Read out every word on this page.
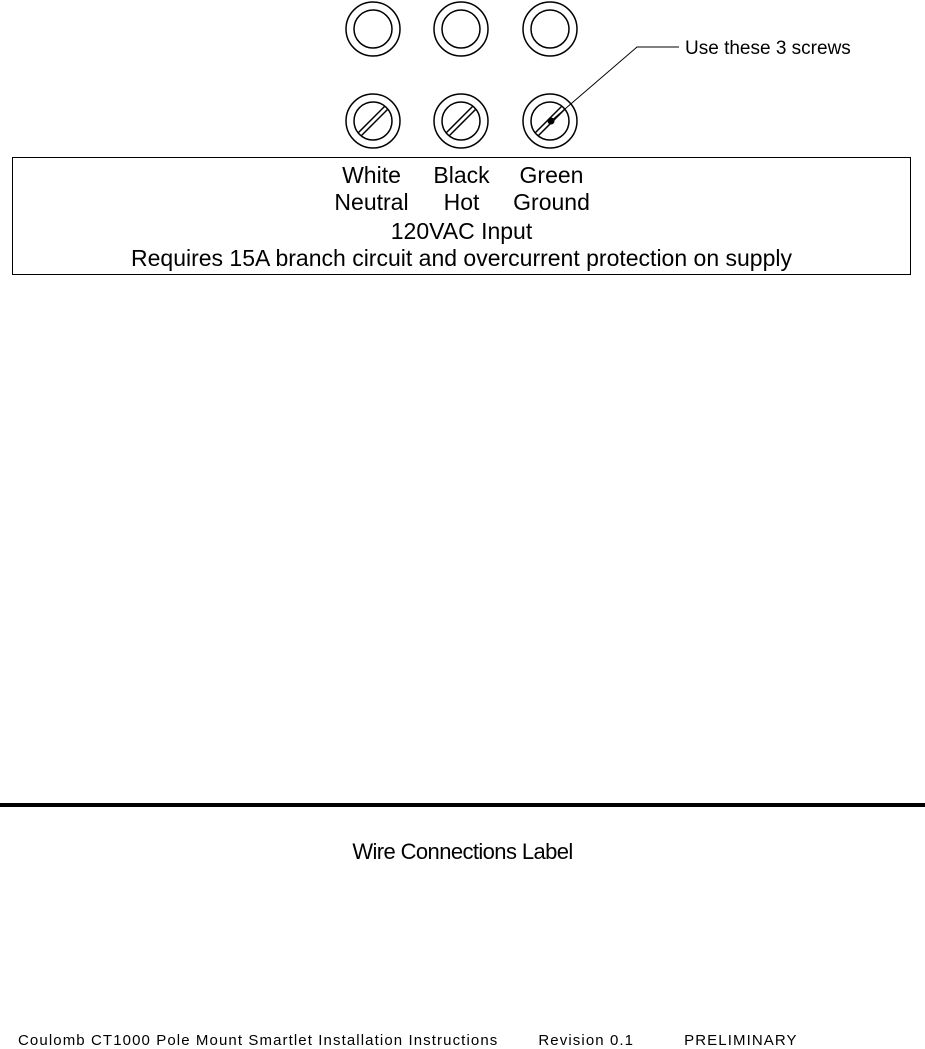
Use these 3 screws
White Black Green
Neutral Hot Ground
120VAC Input
Requires 15A branch circuit and overcurrent protection on supply
Wire Connections Label
Coulomb CT1000 Pole Mount Smartlet Installation Instructions	Revision 0.1	PRELIMINARY
